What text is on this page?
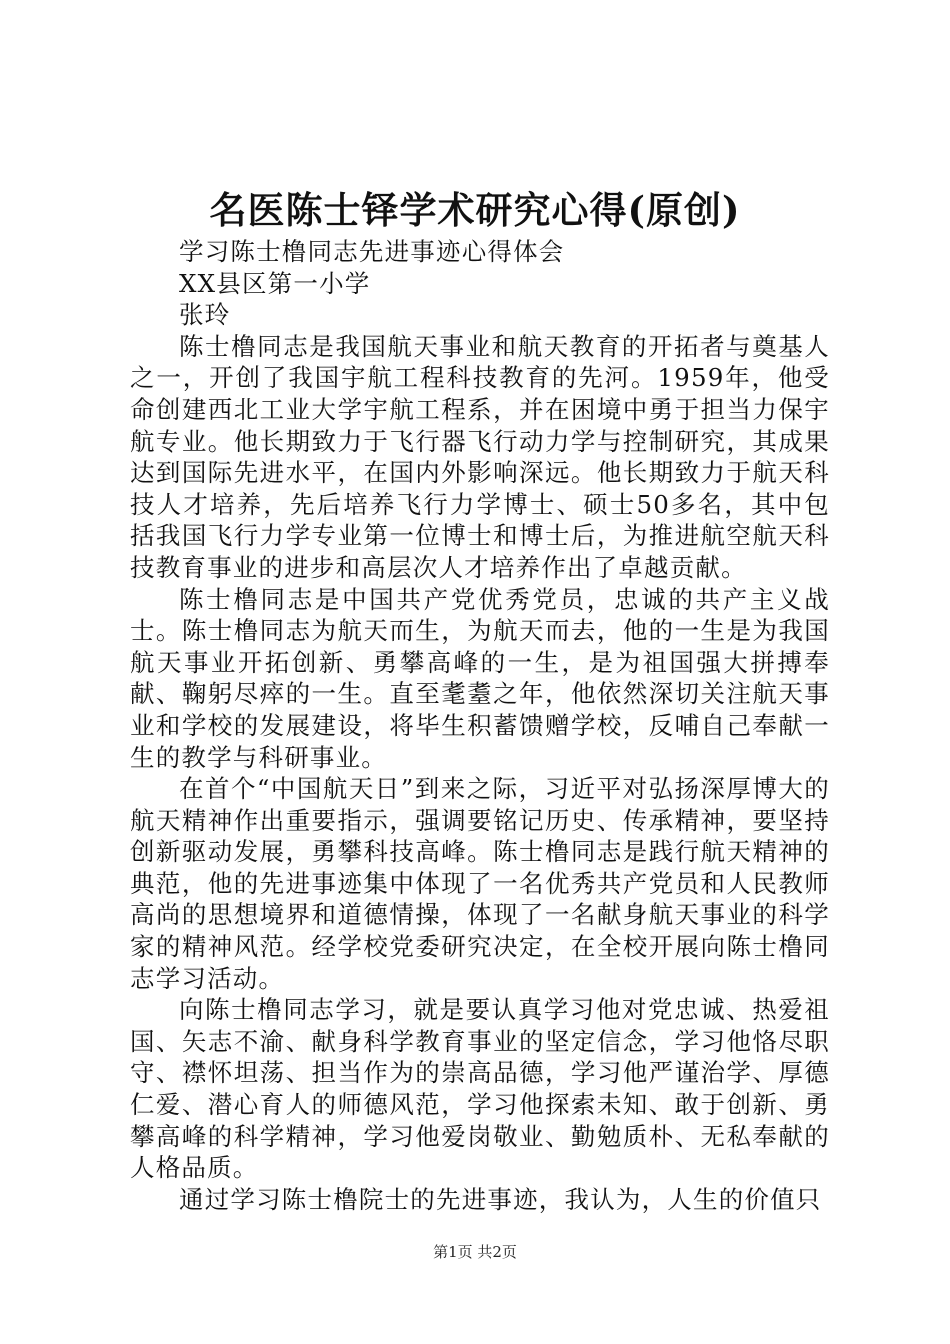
名医陈士铎学术研究心得(原创)

学习陈士橹同志先进事迹心得体会

XX县区第一小学

张玲

陈士橹同志是我国航天事业和航天教育的开拓者与奠基人之一，开创了我国宇航工程科技教育的先河。1959年，他受命创建西北工业大学宇航工程系，并在困境中勇于担当力保宇航专业。他长期致力于飞行器飞行动力学与控制研究，其成果达到国际先进水平，在国内外影响深远。他长期致力于航天科技人才培养，先后培养飞行力学博士、硕士50多名，其中包括我国飞行力学专业第一位博士和博士后，为推进航空航天科技教育事业的进步和高层次人才培养作出了卓越贡献。

陈士橹同志是中国共产党优秀党员，忠诚的共产主义战士。陈士橹同志为航天而生，为航天而去，他的一生是为我国航天事业开拓创新、勇攀高峰的一生，是为祖国强大拼搏奉献、鞠躬尽瘁的一生。直至耄耋之年，他依然深切关注航天事业和学校的发展建设，将毕生积蓄馈赠学校，反哺自己奉献一生的教学与科研事业。

在首个“中国航天日”到来之际，习近平对弘扬深厚博大的航天精神作出重要指示，强调要铭记历史、传承精神，要坚持创新驱动发展，勇攀科技高峰。陈士橹同志是践行航天精神的典范，他的先进事迹集中体现了一名优秀共产党员和人民教师高尚的思想境界和道德情操，体现了一名献身航天事业的科学家的精神风范。经学校党委研究决定，在全校开展向陈士橹同志学习活动。

向陈士橹同志学习，就是要认真学习他对党忠诚、热爱祖国、矢志不渝、献身科学教育事业的坚定信念，学习他恪尽职守、襟怀坦荡、担当作为的崇高品德，学习他严谨治学、厚德仁爱、潜心育人的师德风范，学习他探索未知、敢于创新、勇攀高峰的科学精神，学习他爱岗敬业、勤勉质朴、无私奉献的人格品质。

通过学习陈士橹院士的先进事迹，我认为，人生的价值只

第1页 共2页
